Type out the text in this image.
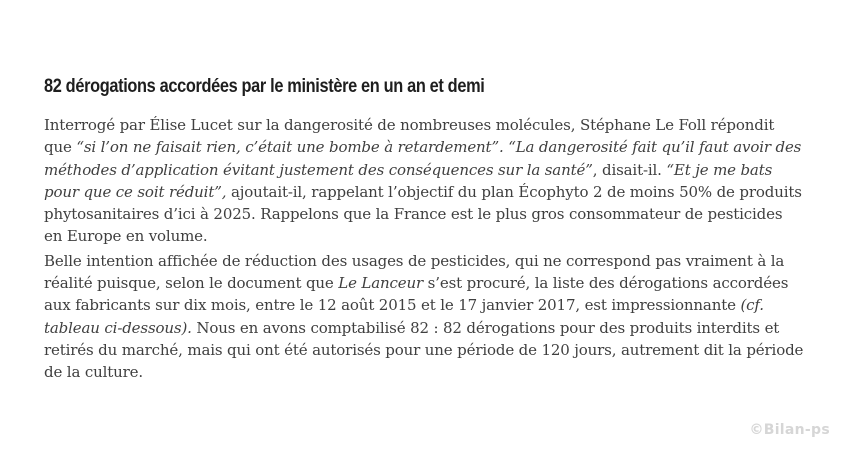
82 dérogations accordées par le ministère en un an et demi

Interrogé par Élise Lucet sur la dangerosité de nombreuses molécules, Stéphane Le Foll répondit que “si l’on ne faisait rien, c’était une bombe à retardement”. “La dangerosité fait qu’il faut avoir des méthodes d’application évitant justement des conséquences sur la santé”, disait-il. “Et je me bats pour que ce soit réduit”, ajoutait-il, rappelant l’objectif du plan Écophyto 2 de moins 50% de produits phytosanitaires d’ici à 2025. Rappelons que la France est le plus gros consommateur de pesticides en Europe en volume.

Belle intention affichée de réduction des usages de pesticides, qui ne correspond pas vraiment à la réalité puisque, selon le document que Le Lanceur s’est procuré, la liste des dérogations accordées aux fabricants sur dix mois, entre le 12 août 2015 et le 17 janvier 2017, est impressionnante (cf. tableau ci-dessous). Nous en avons comptabilisé 82 : 82 dérogations pour des produits interdits et retirés du marché, mais qui ont été autorisés pour une période de 120 jours, autrement dit la période de la culture.

©Bilan-ps
